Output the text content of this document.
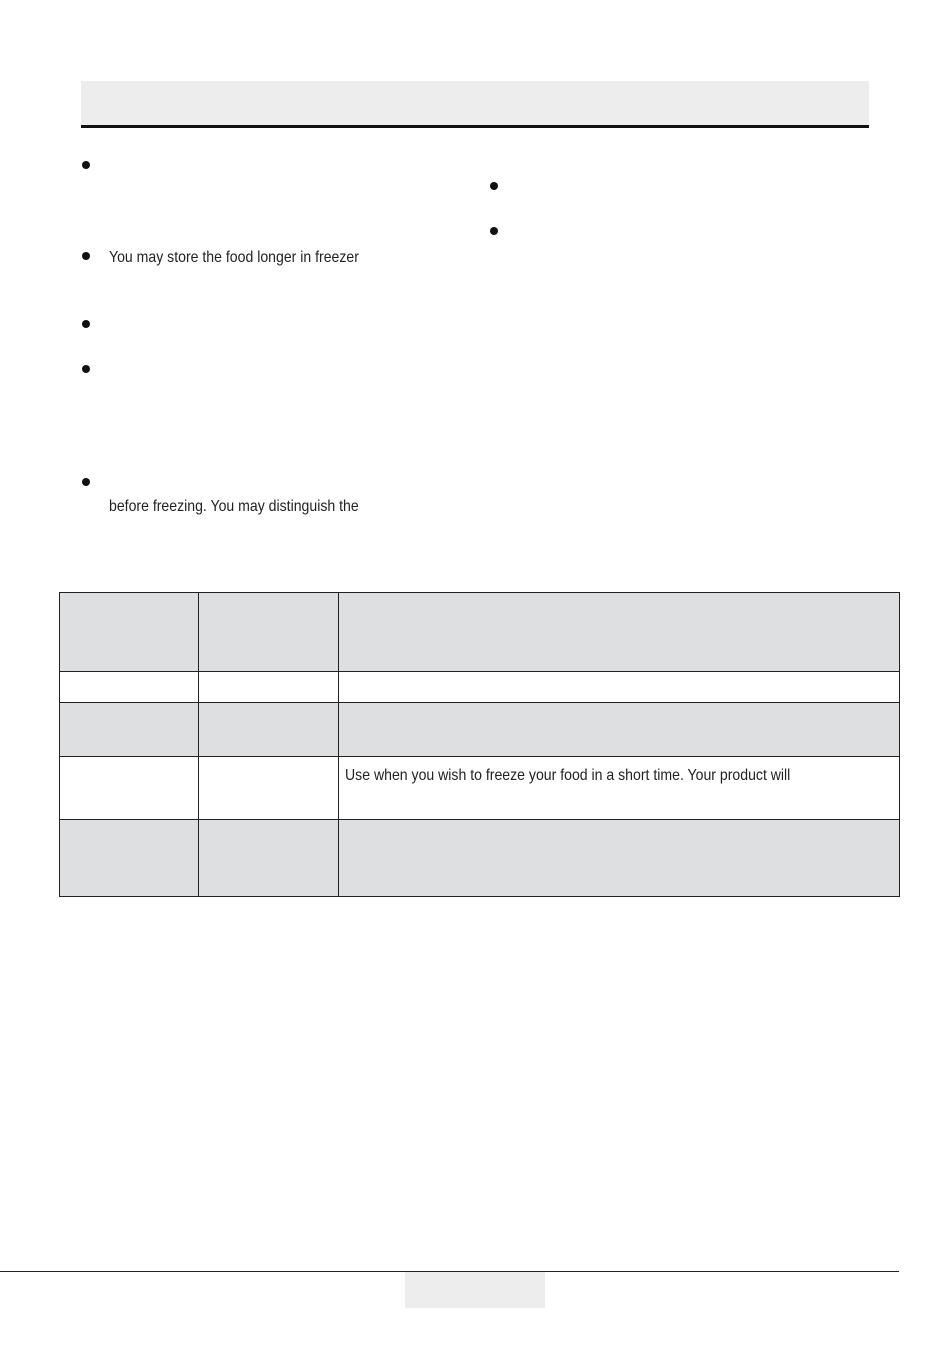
You may store the food longer in freezer
before freezing. You may distinguish the

		Use when you wish to freeze your food in a short time. Your product will
